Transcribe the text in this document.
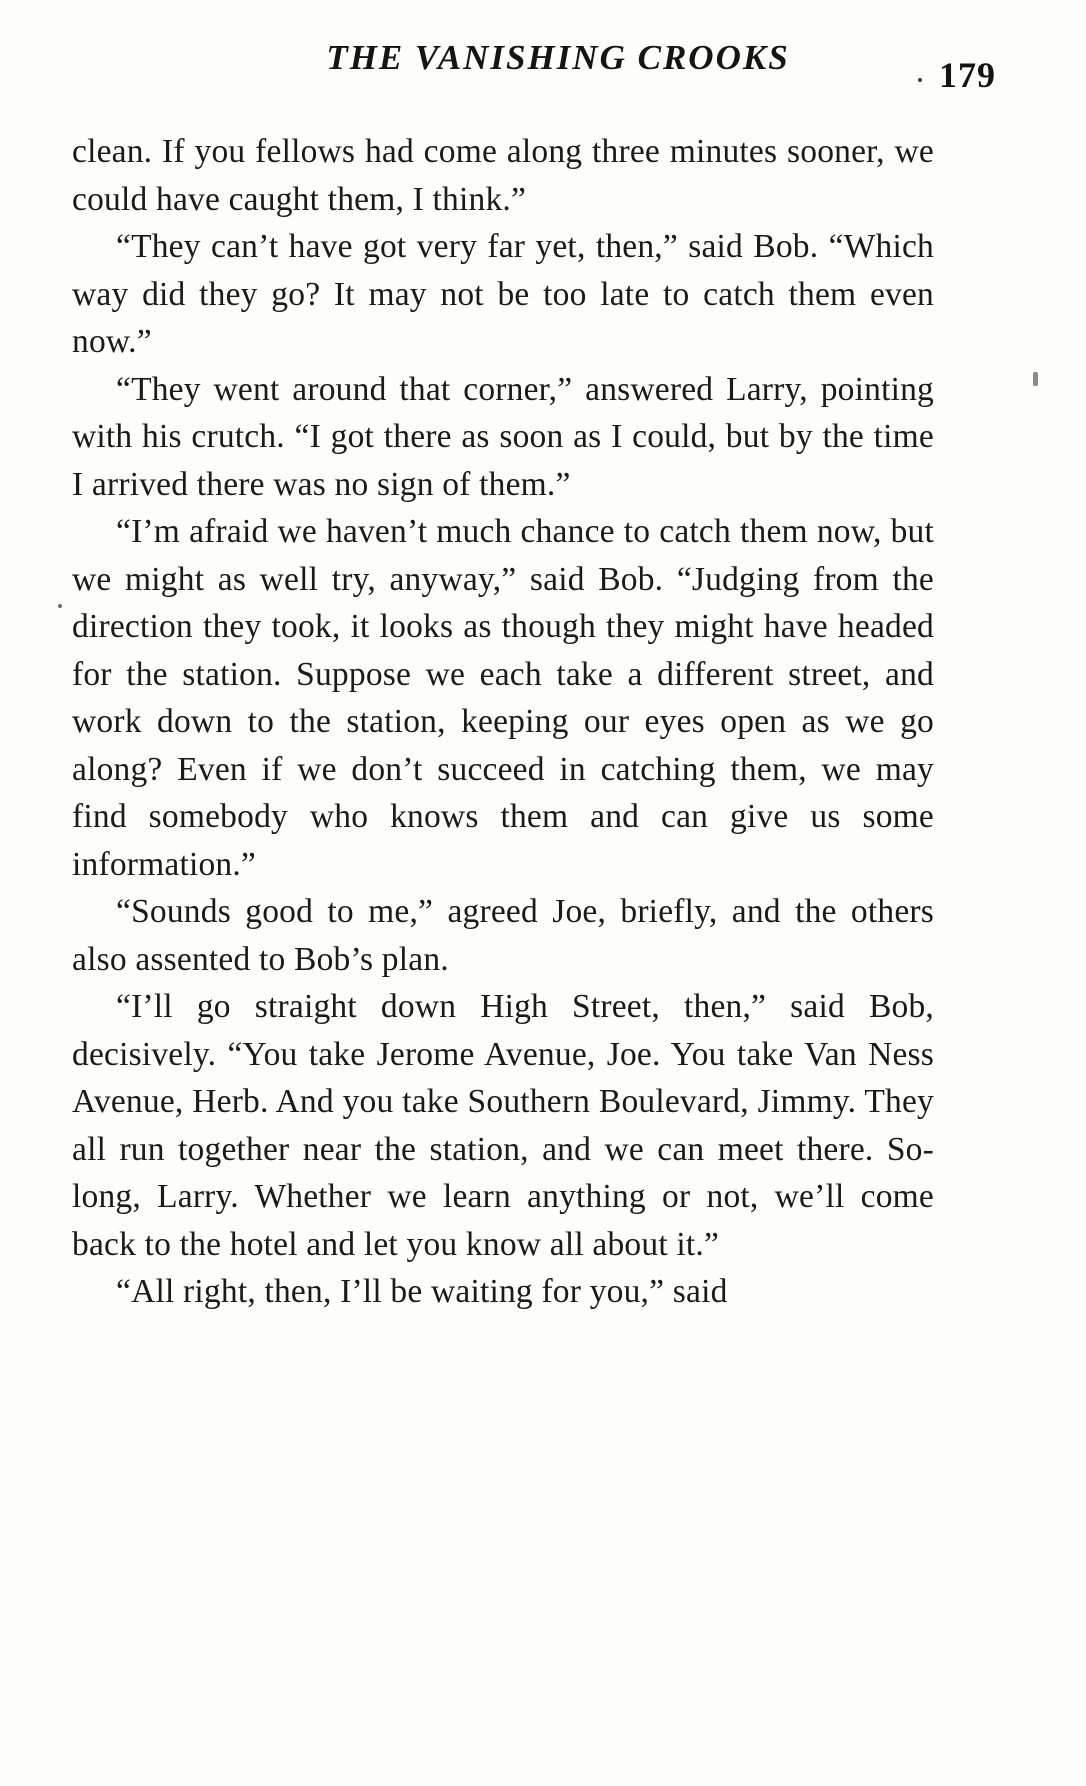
THE VANISHING CROOKS	179

clean. If you fellows had come along three minutes sooner, we could have caught them, I think.”

“They can’t have got very far yet, then,” said Bob. “Which way did they go? It may not be too late to catch them even now.”

“They went around that corner,” answered Larry, pointing with his crutch. “I got there as soon as I could, but by the time I arrived there was no sign of them.”

“I’m afraid we haven’t much chance to catch them now, but we might as well try, anyway,” said Bob. “Judging from the direction they took, it looks as though they might have headed for the station. Suppose we each take a different street, and work down to the station, keeping our eyes open as we go along? Even if we don’t succeed in catching them, we may find somebody who knows them and can give us some information.”

“Sounds good to me,” agreed Joe, briefly, and the others also assented to Bob’s plan.

“I’ll go straight down High Street, then,” said Bob, decisively. “You take Jerome Avenue, Joe. You take Van Ness Avenue, Herb. And you take Southern Boulevard, Jimmy. They all run together near the station, and we can meet there. So-long, Larry. Whether we learn anything or not, we’ll come back to the hotel and let you know all about it.”

“All right, then, I’ll be waiting for you,” said
